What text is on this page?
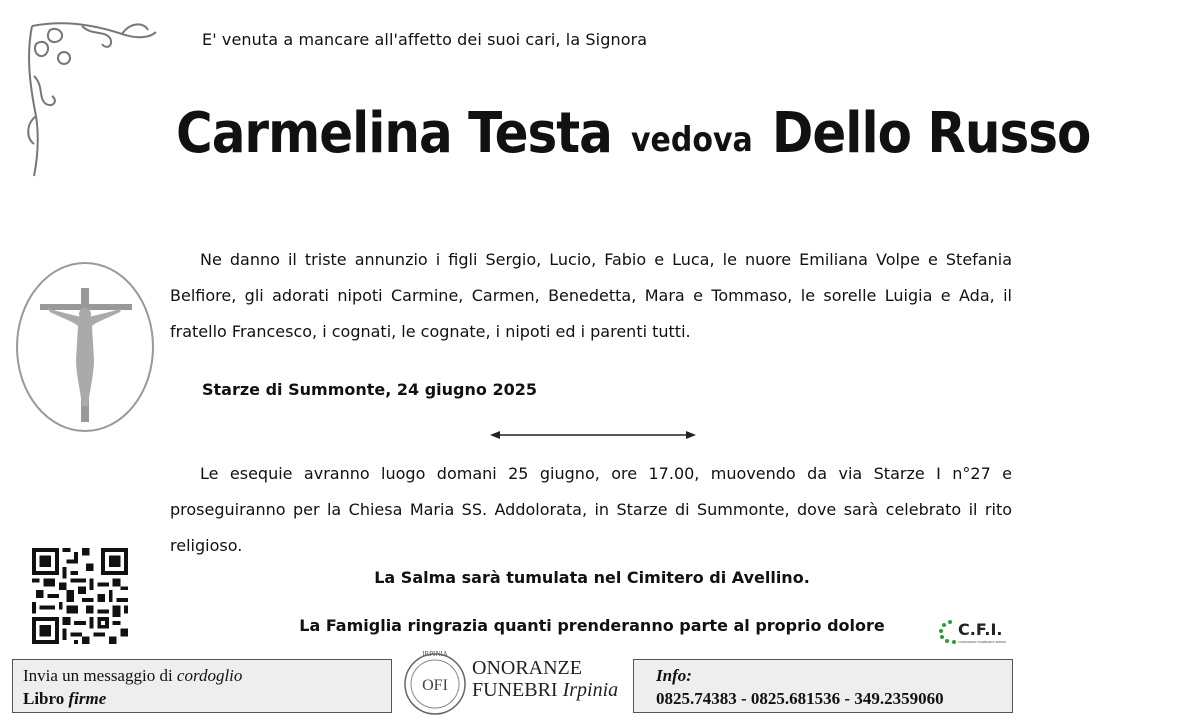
E' venuta a mancare all'affetto dei suoi cari, la Signora
Carmelina Testa vedova Dello Russo
Ne danno il triste annunzio i figli Sergio, Lucio, Fabio e Luca, le nuore Emiliana Volpe e Stefania Belfiore, gli adorati nipoti Carmine, Carmen, Benedetta, Mara e Tommaso, le sorelle Luigia e Ada, il fratello Francesco, i cognati, le cognate, i nipoti ed i parenti tutti.
Starze di Summonte, 24 giugno 2025
Le esequie avranno luogo domani 25 giugno, ore 17.00, muovendo da via Starze I n°27 e proseguiranno per la Chiesa Maria SS. Addolorata, in Starze di Summonte, dove sarà celebrato il rito religioso.
La Salma sarà tumulata nel Cimitero di Avellino.
La Famiglia ringrazia quanti prenderanno parte al proprio dolore	C.F.I.
CONSORZIO FUNERARIO IRPINO
Invia un messaggio di cordoglio
Libro firme
IRPINIA
OFI
ONORANZE
FUNEBRI Irpinia
Info:
0825.74383 - 0825.681536 - 349.2359060
